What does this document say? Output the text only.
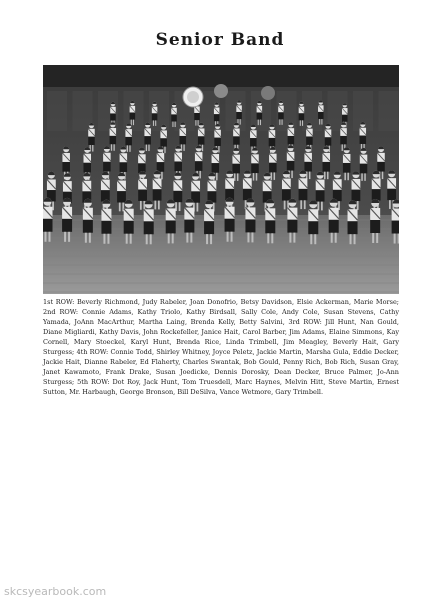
Senior Band
1st ROW: Beverly Richmond, Judy Rabeler, Joan Donofrio, Betsy Davidson, Elsie Ackerman, Marie Morse; 2nd ROW: Connie Adams, Kathy Triolo, Kathy Birdsall, Sally Cole, Andy Cole, Susan Stevens, Cathy Yamada, JoAnn MacArthur, Martha Laing, Brenda Kelly, Betty Salvini, 3rd ROW: Jill Hunt, Nan Gould, Diane Migliardi, Kathy Davis, John Rockefeller, Janice Hait, Carol Barber, Jim Adams, Elaine Simmons, Kay Cornell, Mary Stoeckel, Karyl Hunt, Brenda Rice, Linda Trimbell, Jim Meagley, Beverly Hait, Gary Sturgess; 4th ROW: Connie Todd, Shirley Whitney, Joyce Peletz, Jackie Martin, Marsha Gula, Eddie Decker, Jackie Hait, Dianne Rabeler, Ed Flaherty, Charles Swantak, Bob Gould, Penny Rich, Bob Rich, Susan Gray, Janet Kawamoto, Frank Drake, Susan Joedicke, Dennis Dorosky, Dean Decker, Bruce Palmer, Jo-Ann Sturgess; 5th ROW: Dot Roy, Jack Hunt, Tom Truesdell, Marc Haynes, Melvin Hitt, Steve Martin, Ernest Sutton, Mr. Harbaugh, George Bronson, Bill DeSilva, Vance Wetmore, Gary Trimbell.
skcsyearbook.com
